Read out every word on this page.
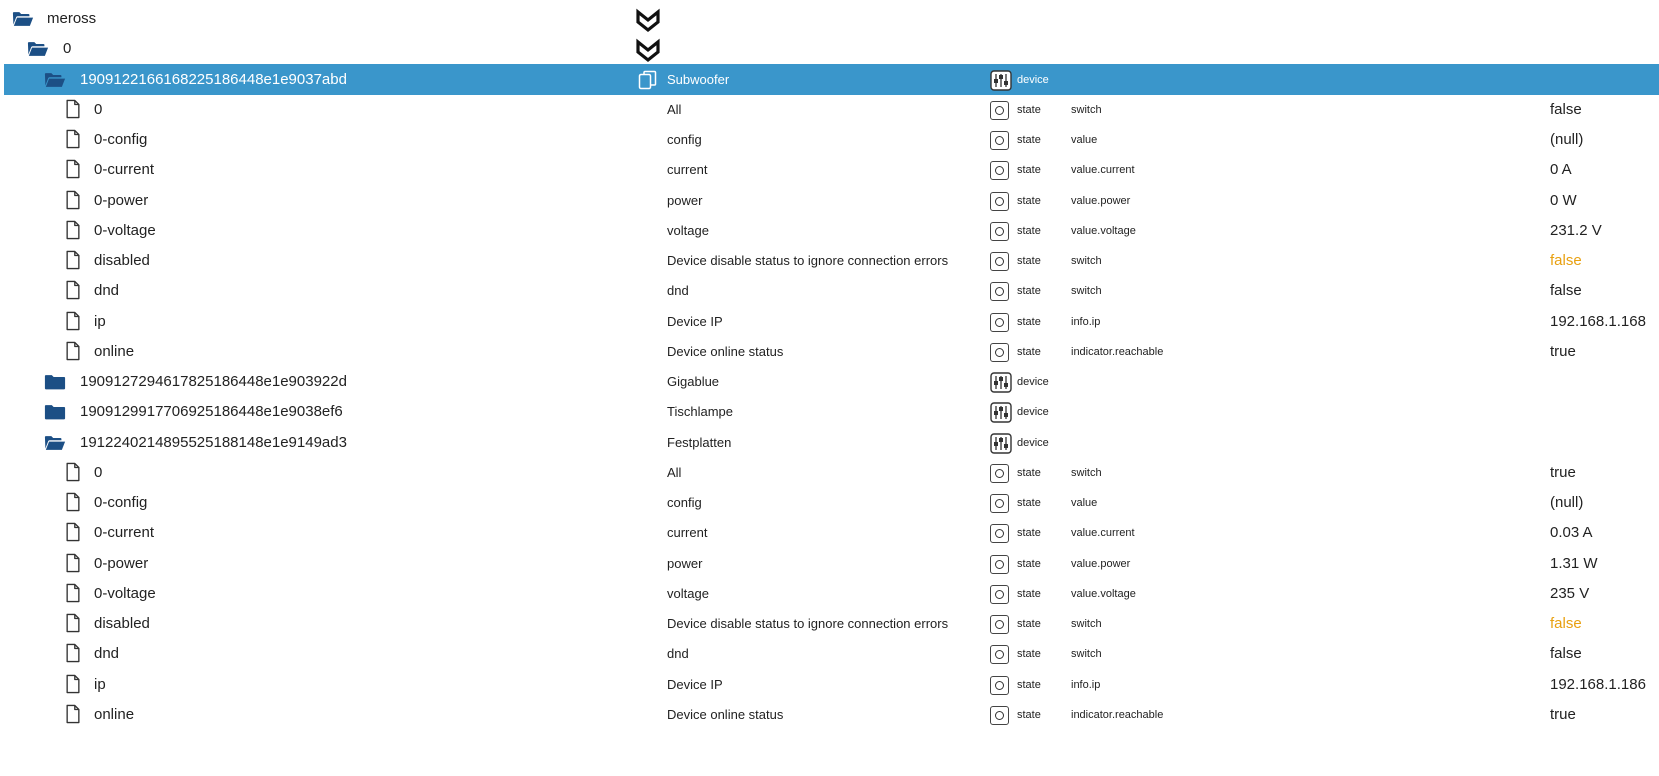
meross
0
1909122166168225186448e1e9037abd	Subwoofer	device
0	All	state	switch	false
0-config	config	state	value	(null)
0-current	current	state	value.current	0 A
0-power	power	state	value.power	0 W
0-voltage	voltage	state	value.voltage	231.2 V
disabled	Device disable status to ignore connection errors	state	switch	false
dnd	dnd	state	switch	false
ip	Device IP	state	info.ip	192.168.1.168
online	Device online status	state	indicator.reachable	true
1909127294617825186448e1e903922d	Gigablue	device
1909129917706925186448e1e9038ef6	Tischlampe	device
1912240214895525188148e1e9149ad3	Festplatten	device
0	All	state	switch	true
0-config	config	state	value	(null)
0-current	current	state	value.current	0.03 A
0-power	power	state	value.power	1.31 W
0-voltage	voltage	state	value.voltage	235 V
disabled	Device disable status to ignore connection errors	state	switch	false
dnd	dnd	state	switch	false
ip	Device IP	state	info.ip	192.168.1.186
online	Device online status	state	indicator.reachable	true
